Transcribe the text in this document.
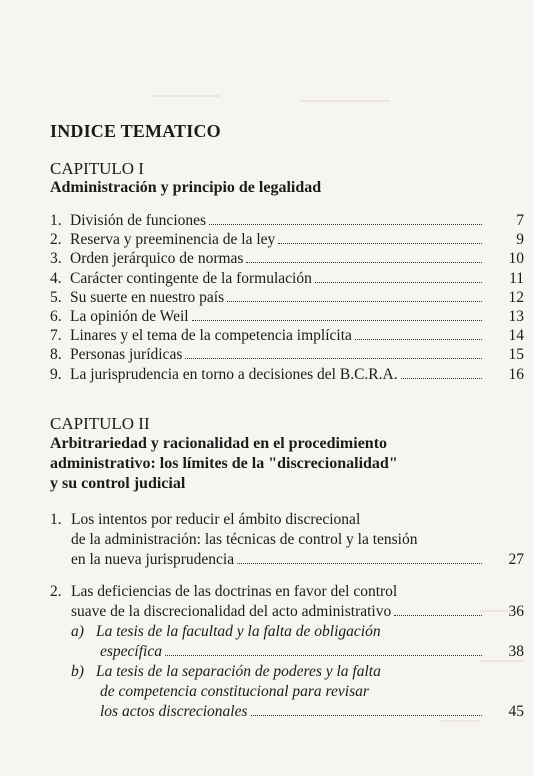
INDICE TEMATICO
CAPITULO I
Administración y principio de legalidad
1. División de funciones	7
2. Reserva y preeminencia de la ley	9
3. Orden jerárquico de normas	10
4. Carácter contingente de la formulación	11
5. Su suerte en nuestro país	12
6. La opinión de Weil	13
7. Linares y el tema de la competencia implícita	14
8. Personas jurídicas	15
9. La jurisprudencia en torno a decisiones del B.C.R.A.	16
CAPITULO II
Arbitrariedad y racionalidad en el procedimiento
administrativo: los límites de la "discrecionalidad"
y su control judicial
1. Los intentos por reducir el ámbito discrecional
de la administración: las técnicas de control y la tensión
en la nueva jurisprudencia	27
2. Las deficiencias de las doctrinas en favor del control
suave de la discrecionalidad del acto administrativo	36
a) La tesis de la facultad y la falta de obligación
específica	38
b) La tesis de la separación de poderes y la falta
de competencia constitucional para revisar
los actos discrecionales	45
